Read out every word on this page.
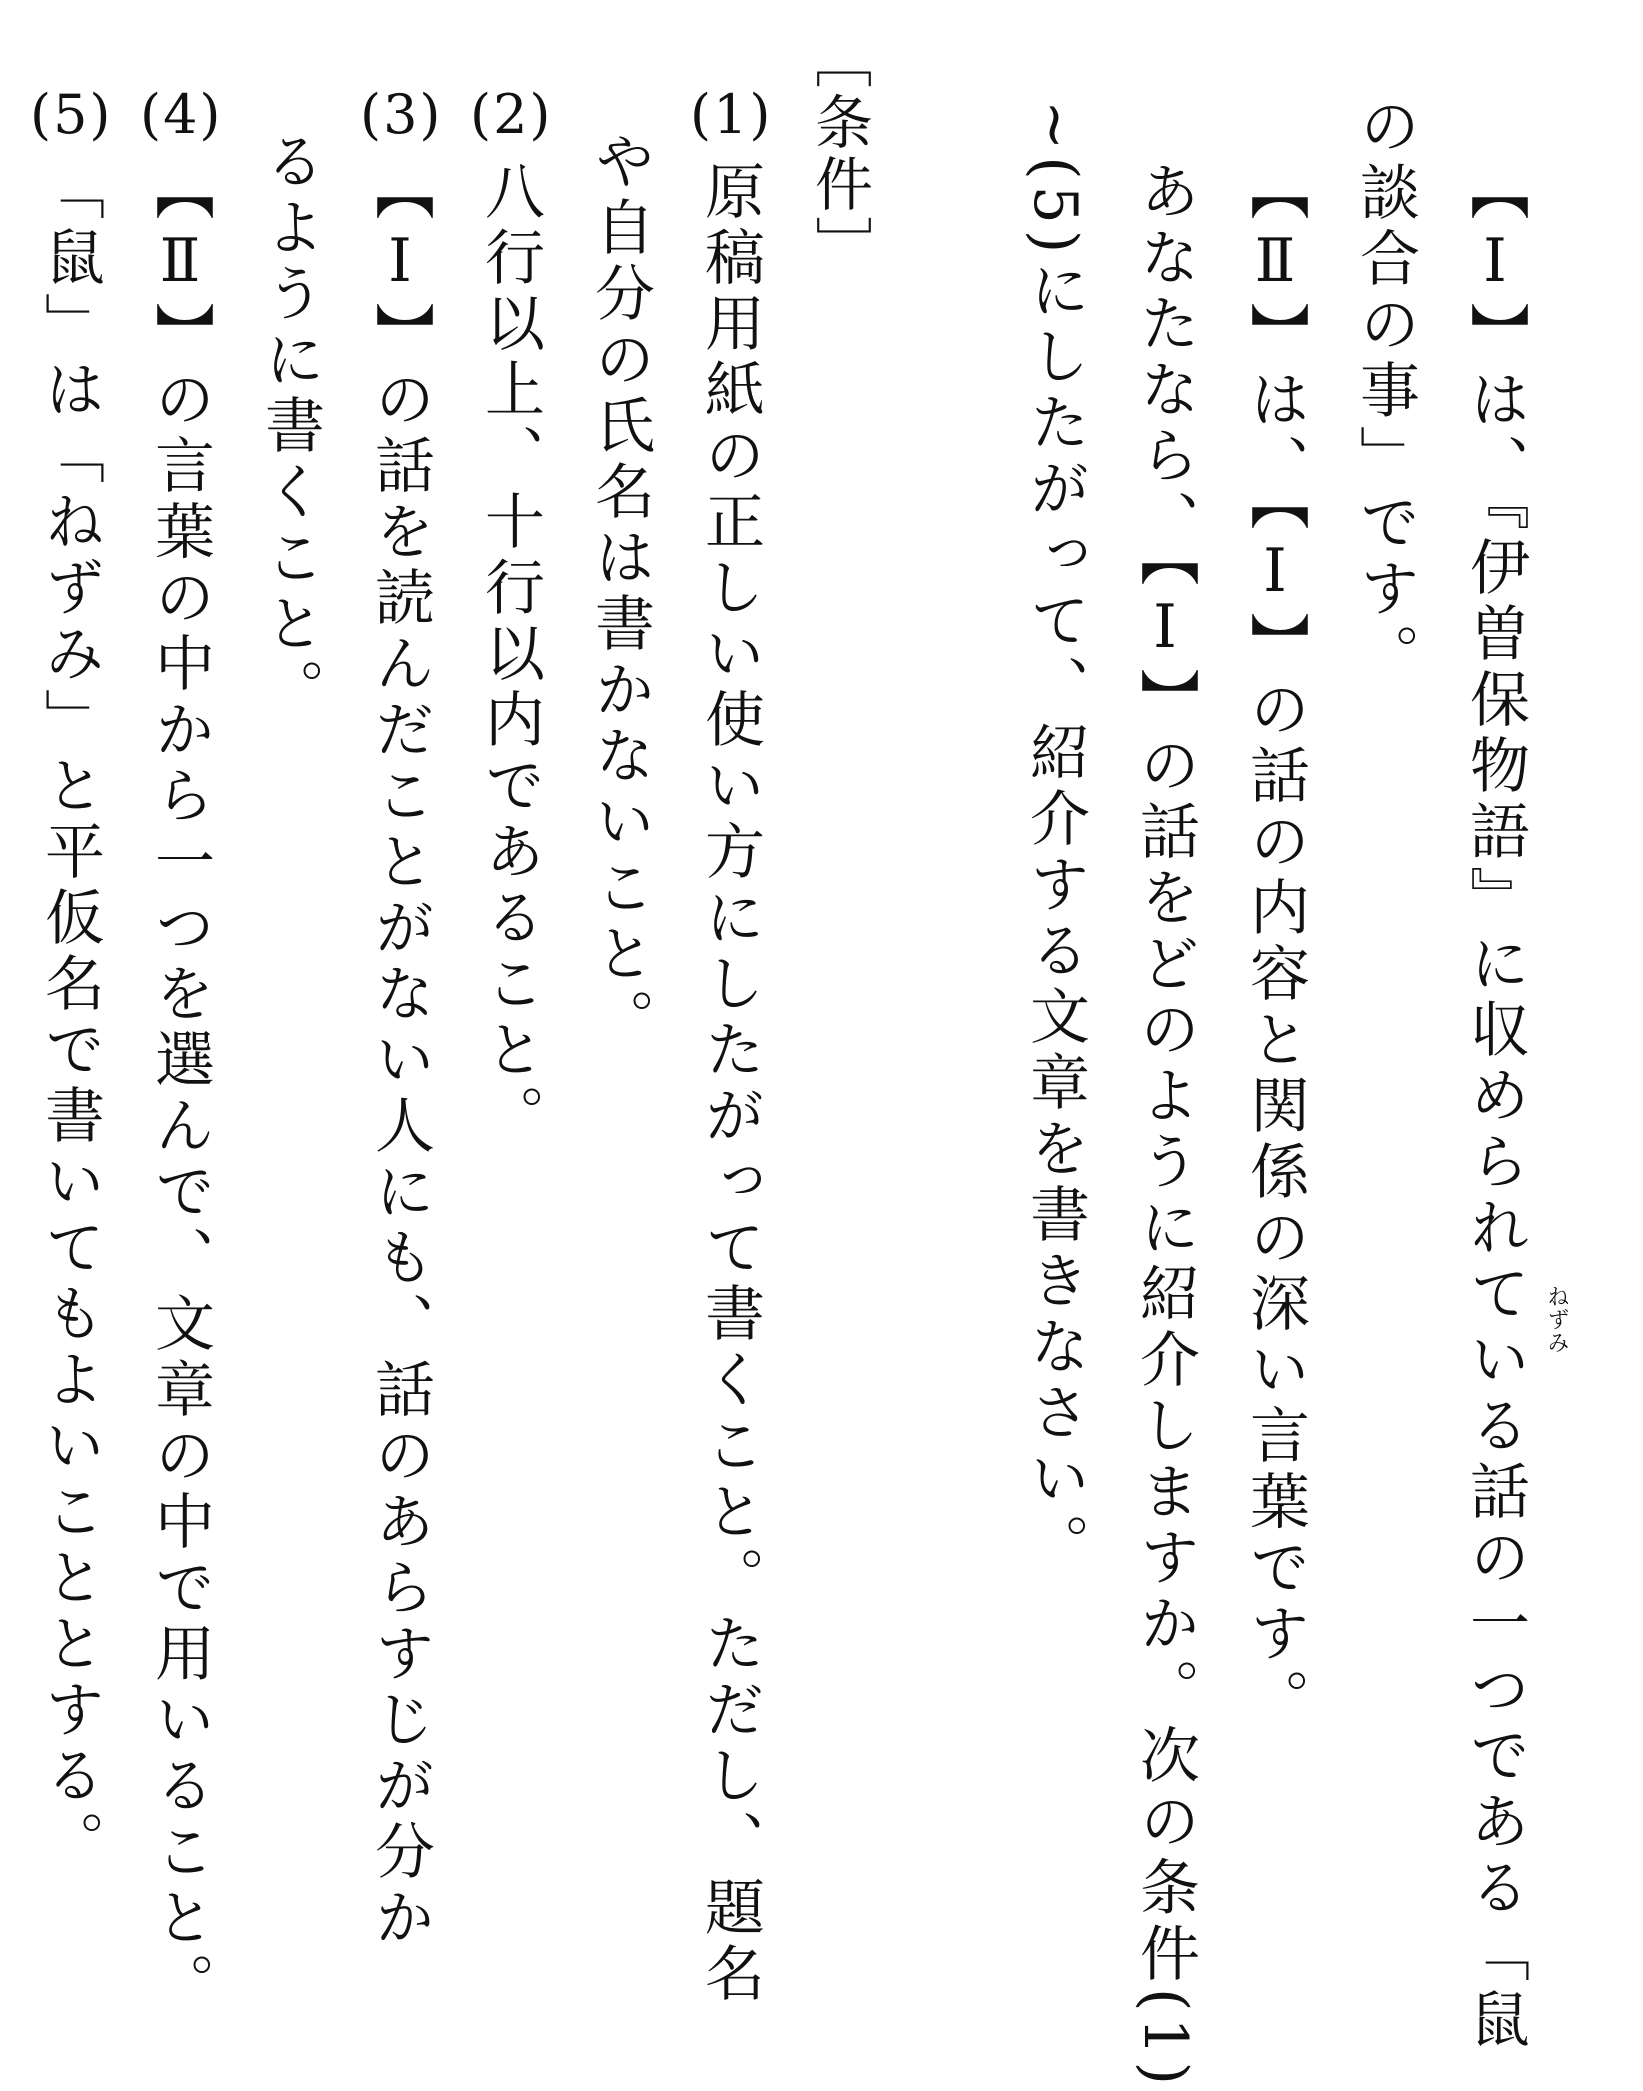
【Ⅰ】は、『伊曽保物語』に収められている話の一つである「鼠 ねずみ
の談合の事」です。
【Ⅱ】は、【Ⅰ】の話の内容と関係の深い言葉です。
あなたなら、【Ⅰ】の話をどのように紹介しますか。次の条件(1)
~(5)にしたがって、紹介する文章を書きなさい。
［条件］
(1)
原稿用紙の正しい使い方にしたがって書くこと。ただし、題名
や自分の氏名は書かないこと。
(2)
八行以上、十行以内であること。
(3)
【Ⅰ】の話を読んだことがない人にも、話のあらすじが分か
るように書くこと。
(4)
【Ⅱ】の言葉の中から一つを選んで、文章の中で用いること。
(5)
「鼠」は「ねずみ」と平仮名で書いてもよいこととする。
